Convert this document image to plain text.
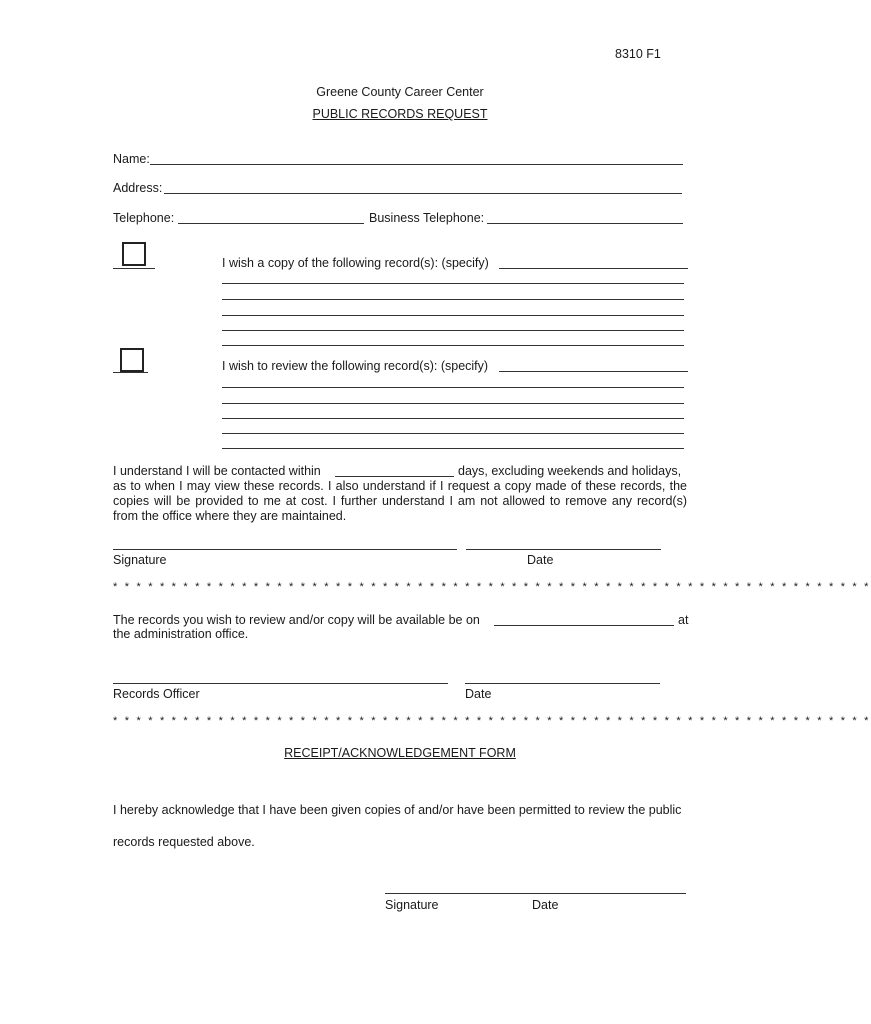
8310 F1
Greene County Career Center
PUBLIC RECORDS REQUEST
Name:
Address:
Telephone:	Business Telephone:
I wish a copy of the following record(s): (specify)
I wish to review the following record(s): (specify)
I understand I will be contacted within	days, excluding weekends and holidays,
as to when I may view these records. I also understand if I request a copy made of these records, the
copies will be provided to me at cost. I further understand I am not allowed to remove any record(s)
from the office where they are maintained.
Signature	Date
* * * * * * * * * * * * * * * * * * * * * * * * * * * * * * * * * * * * * * * * * * * * * * * * * * * * * * * * * * * * * * * * *
The records you wish to review and/or copy will be available be on	at
the administration office.
Records Officer	Date
* * * * * * * * * * * * * * * * * * * * * * * * * * * * * * * * * * * * * * * * * * * * * * * * * * * * * * * * * * * * * * * * *
RECEIPT/ACKNOWLEDGEMENT FORM
I hereby acknowledge that I have been given copies of and/or have been permitted to review the public
records requested above.
Signature	Date
